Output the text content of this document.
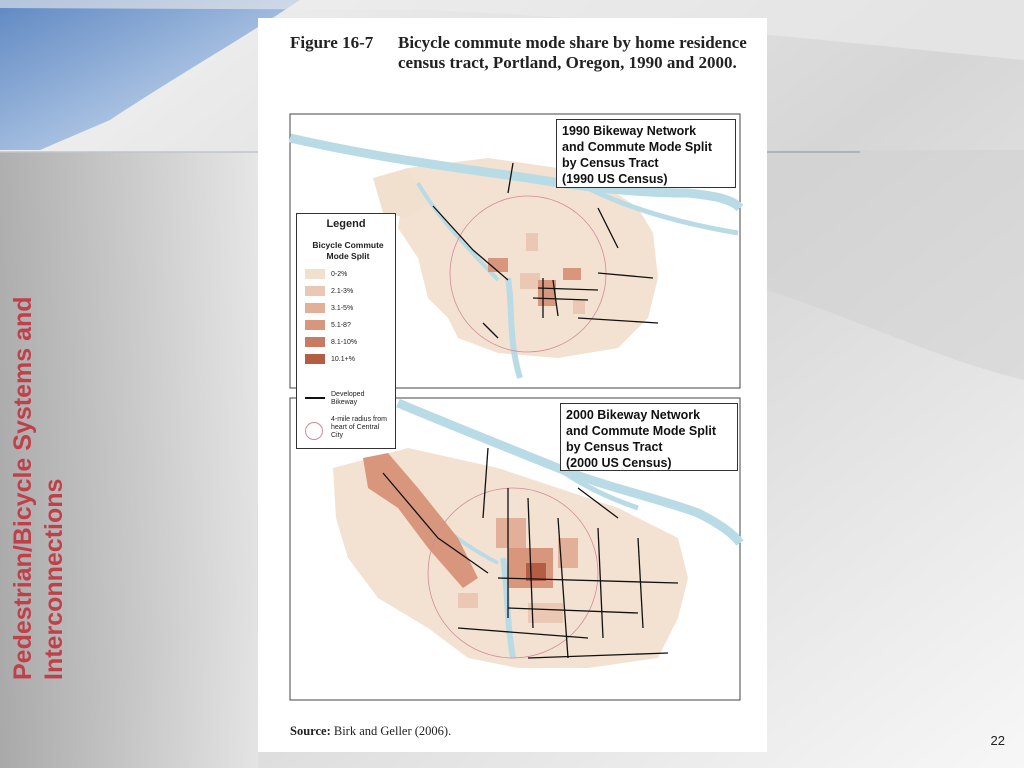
Pedestrian/Bicycle Systems and Interconnections
22
Figure 16-7 Bicycle commute mode share by home residence census tract, Portland, Oregon, 1990 and 2000.
1990 Bikeway Network
and Commute Mode Split
by Census Tract
(1990 US Census)
2000 Bikeway Network
and Commute Mode Split
by Census Tract
(2000 US Census)
Legend
Bicycle Commute Mode Split
0-2%
2.1-3%
3.1-5%
5.1-8?
8.1-10%
10.1+%
Developed Bikeway
4-mile radius from heart of Central City
Source: Birk and Geller (2006).
